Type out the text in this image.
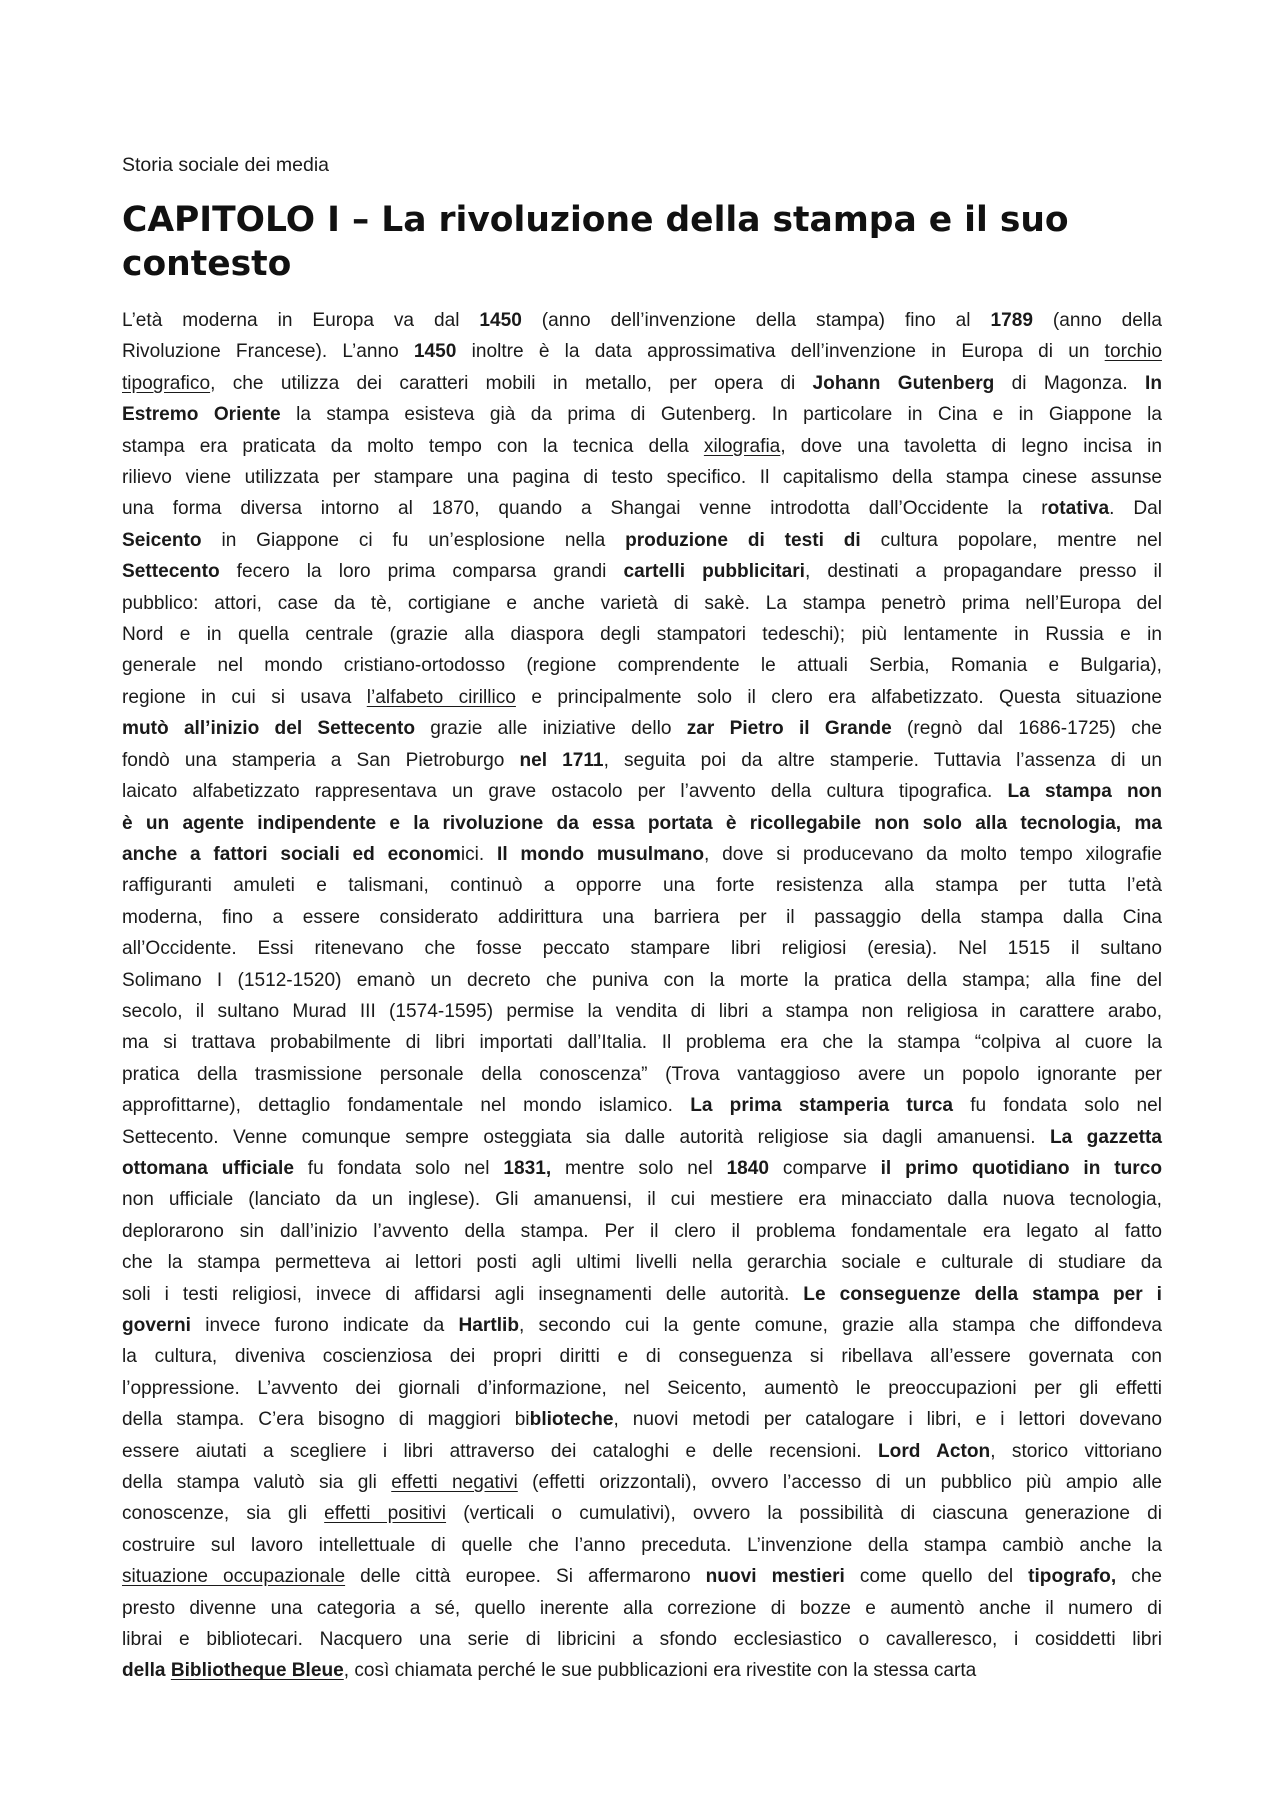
Storia sociale dei media

CAPITOLO I – La rivoluzione della stampa e il suo
contesto
L’età moderna in Europa va dal 1450 (anno dell’invenzione della stampa) fino al 1789 (anno della
Rivoluzione Francese). L’anno 1450 inoltre è la data approssimativa dell’invenzione in Europa di un torchio
tipografico, che utilizza dei caratteri mobili in metallo, per opera di Johann Gutenberg di Magonza. In
Estremo Oriente la stampa esisteva già da prima di Gutenberg. In particolare in Cina e in Giappone la
stampa era praticata da molto tempo con la tecnica della xilografia, dove una tavoletta di legno incisa in
rilievo viene utilizzata per stampare una pagina di testo specifico. Il capitalismo della stampa cinese assunse
una forma diversa intorno al 1870, quando a Shangai venne introdotta dall’Occidente la rotativa. Dal
Seicento in Giappone ci fu un’esplosione nella produzione di testi di cultura popolare, mentre nel
Settecento fecero la loro prima comparsa grandi cartelli pubblicitari, destinati a propagandare presso il
pubblico: attori, case da tè, cortigiane e anche varietà di sakè. La stampa penetrò prima nell’Europa del
Nord e in quella centrale (grazie alla diaspora degli stampatori tedeschi); più lentamente in Russia e in
generale nel mondo cristiano-ortodosso (regione comprendente le attuali Serbia, Romania e Bulgaria),
regione in cui si usava l’alfabeto cirillico e principalmente solo il clero era alfabetizzato. Questa situazione
mutò all’inizio del Settecento grazie alle iniziative dello zar Pietro il Grande (regnò dal 1686-1725) che
fondò una stamperia a San Pietroburgo nel 1711, seguita poi da altre stamperie. Tuttavia l’assenza di un
laicato alfabetizzato rappresentava un grave ostacolo per l’avvento della cultura tipografica. La stampa non
è un agente indipendente e la rivoluzione da essa portata è ricollegabile non solo alla tecnologia, ma
anche a fattori sociali ed economici. Il mondo musulmano, dove si producevano da molto tempo xilografie
raffiguranti amuleti e talismani, continuò a opporre una forte resistenza alla stampa per tutta l’età
moderna, fino a essere considerato addirittura una barriera per il passaggio della stampa dalla Cina
all’Occidente. Essi ritenevano che fosse peccato stampare libri religiosi (eresia). Nel 1515 il sultano
Solimano I (1512-1520) emanò un decreto che puniva con la morte la pratica della stampa; alla fine del
secolo, il sultano Murad III (1574-1595) permise la vendita di libri a stampa non religiosa in carattere arabo,
ma si trattava probabilmente di libri importati dall’Italia. Il problema era che la stampa “colpiva al cuore la
pratica della trasmissione personale della conoscenza” (Trova vantaggioso avere un popolo ignorante per
approfittarne), dettaglio fondamentale nel mondo islamico. La prima stamperia turca fu fondata solo nel
Settecento. Venne comunque sempre osteggiata sia dalle autorità religiose sia dagli amanuensi. La gazzetta
ottomana ufficiale fu fondata solo nel 1831, mentre solo nel 1840 comparve il primo quotidiano in turco
non ufficiale (lanciato da un inglese). Gli amanuensi, il cui mestiere era minacciato dalla nuova tecnologia,
deplorarono sin dall’inizio l’avvento della stampa. Per il clero il problema fondamentale era legato al fatto
che la stampa permetteva ai lettori posti agli ultimi livelli nella gerarchia sociale e culturale di studiare da
soli i testi religiosi, invece di affidarsi agli insegnamenti delle autorità. Le conseguenze della stampa per i
governi invece furono indicate da Hartlib, secondo cui la gente comune, grazie alla stampa che diffondeva
la cultura, diveniva coscienziosa dei propri diritti e di conseguenza si ribellava all’essere governata con
l’oppressione. L’avvento dei giornali d’informazione, nel Seicento, aumentò le preoccupazioni per gli effetti
della stampa. C’era bisogno di maggiori biblioteche, nuovi metodi per catalogare i libri, e i lettori dovevano
essere aiutati a scegliere i libri attraverso dei cataloghi e delle recensioni. Lord Acton, storico vittoriano
della stampa valutò sia gli effetti negativi (effetti orizzontali), ovvero l’accesso di un pubblico più ampio alle
conoscenze, sia gli effetti positivi (verticali o cumulativi), ovvero la possibilità di ciascuna generazione di
costruire sul lavoro intellettuale di quelle che l’anno preceduta. L’invenzione della stampa cambiò anche la
situazione occupazionale delle città europee. Si affermarono nuovi mestieri come quello del tipografo, che
presto divenne una categoria a sé, quello inerente alla correzione di bozze e aumentò anche il numero di
librai e bibliotecari. Nacquero una serie di libricini a sfondo ecclesiastico o cavalleresco, i cosiddetti libri
della Bibliotheque Bleue, così chiamata perché le sue pubblicazioni era rivestite con la stessa carta
